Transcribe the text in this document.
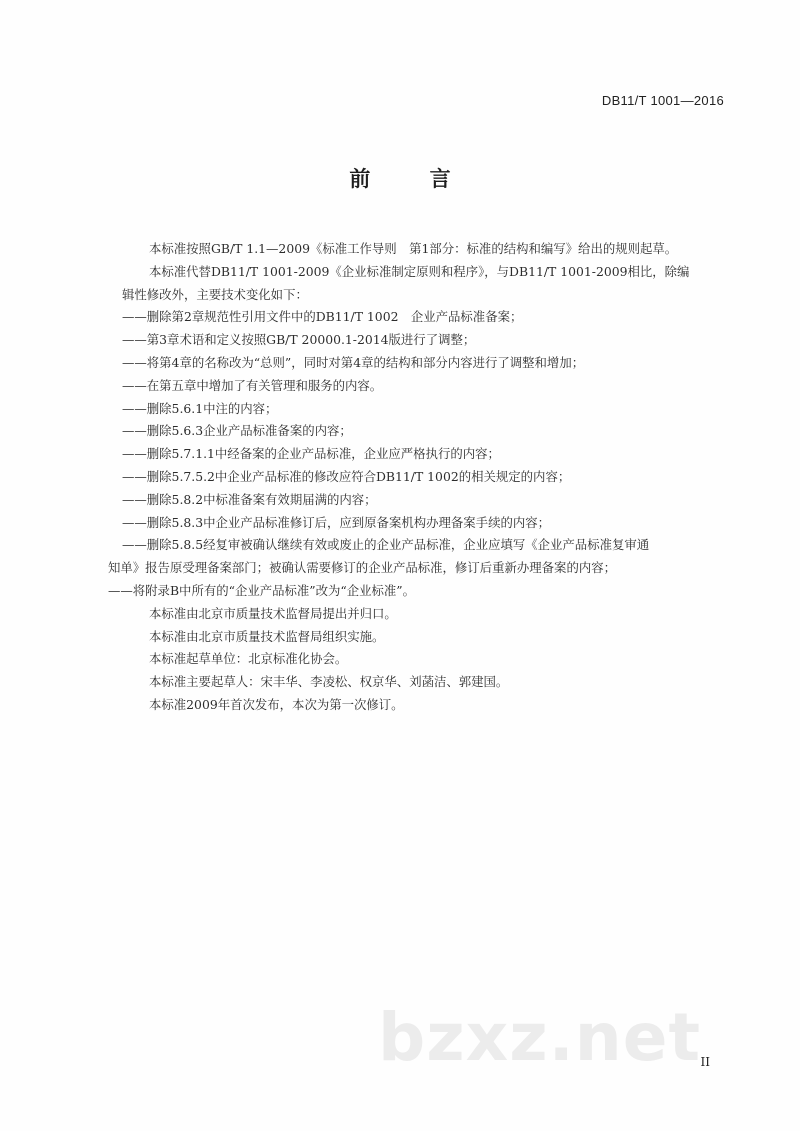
DB11/T 1001—2016
前 言
本标准按照GB/T 1.1—2009《标准工作导则　第1部分：标准的结构和编写》给出的规则起草。
本标准代替DB11/T 1001-2009《企业标准制定原则和程序》，与DB11/T 1001-2009相比，除编
辑性修改外，主要技术变化如下：
——删除第2章规范性引用文件中的DB11/T 1002　企业产品标准备案；
——第3章术语和定义按照GB/T 20000.1-2014版进行了调整；
——将第4章的名称改为“总则”，同时对第4章的结构和部分内容进行了调整和增加；
——在第五章中增加了有关管理和服务的内容。
——删除5.6.1中注的内容；
——删除5.6.3企业产品标准备案的内容；
——删除5.7.1.1中经备案的企业产品标准，企业应严格执行的内容；
——删除5.7.5.2中企业产品标准的修改应符合DB11/T 1002的相关规定的内容；
——删除5.8.2中标准备案有效期届满的内容；
——删除5.8.3中企业产品标准修订后，应到原备案机构办理备案手续的内容；
——删除5.8.5经复审被确认继续有效或废止的企业产品标准，企业应填写《企业产品标准复审通
知单》报告原受理备案部门；被确认需要修订的企业产品标准，修订后重新办理备案的内容；
——将附录B中所有的“企业产品标准”改为“企业标准”。
本标准由北京市质量技术监督局提出并归口。
本标准由北京市质量技术监督局组织实施。
本标准起草单位：北京标准化协会。
本标准主要起草人：宋丰华、李凌松、权京华、刘菡洁、郭建国。
本标准2009年首次发布，本次为第一次修订。
bzxz.net II
